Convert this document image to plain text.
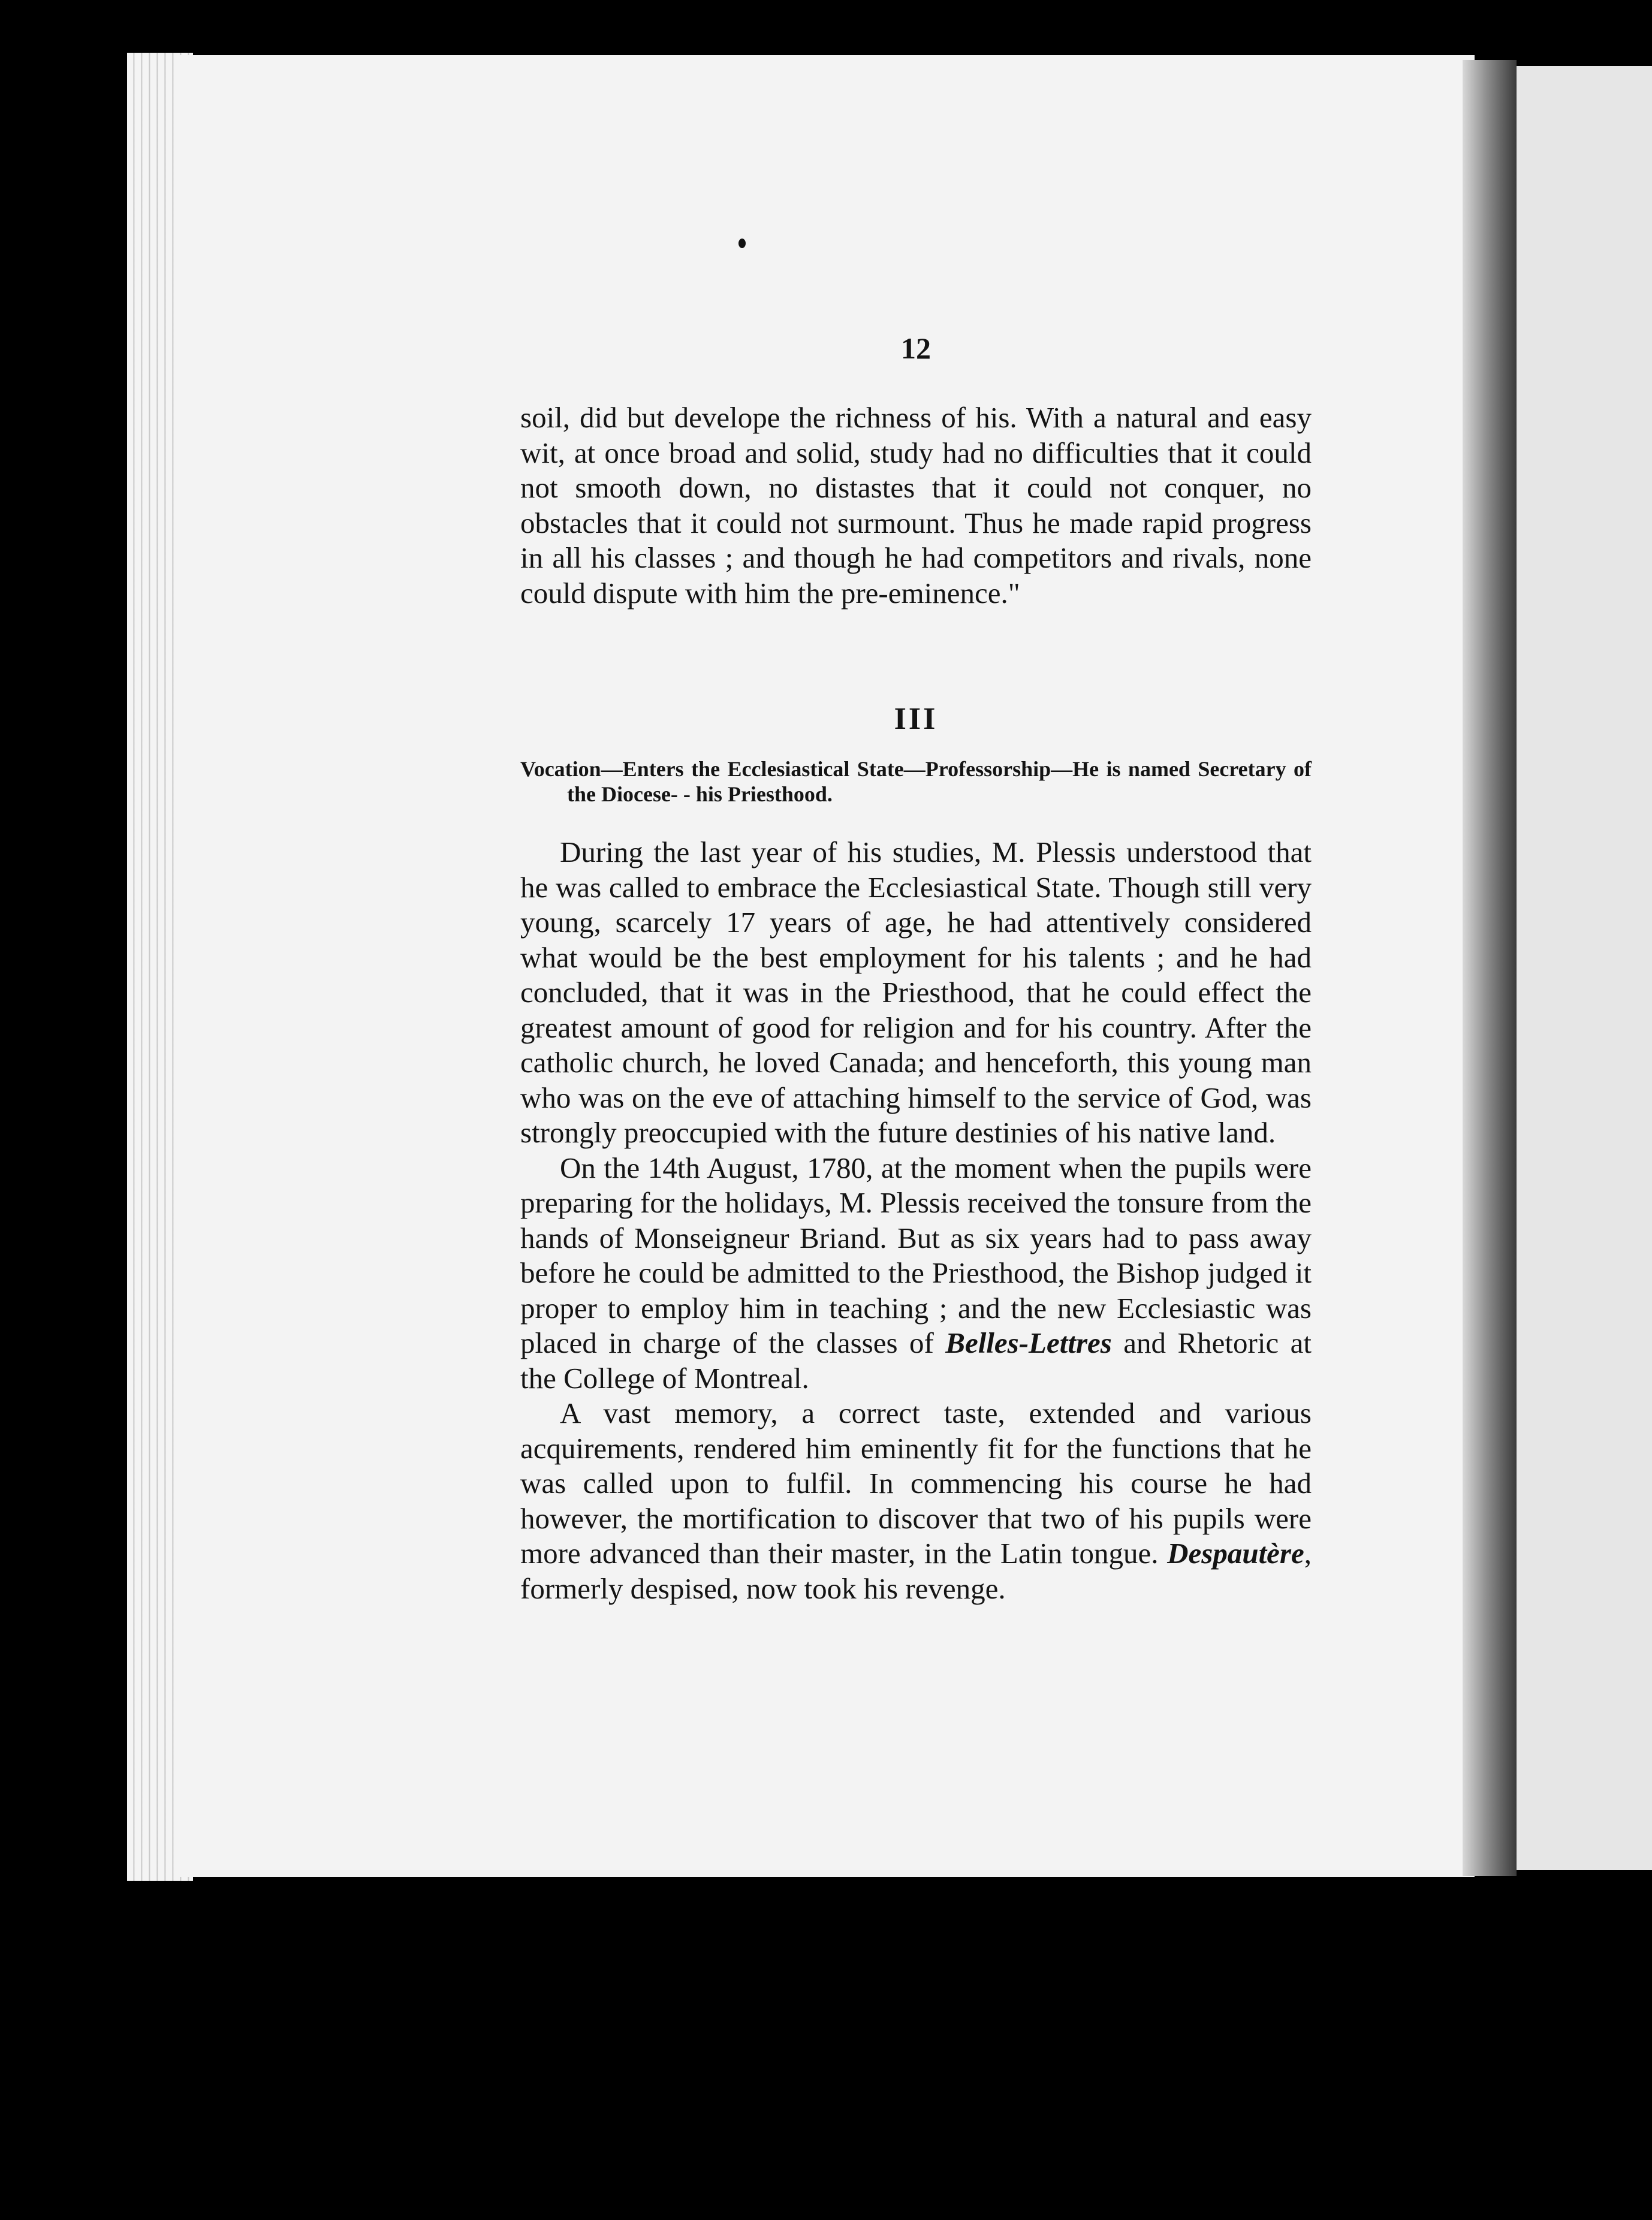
12

soil, did but develope the richness of his. With a natural and easy wit, at once broad and solid, study had no difficulties that it could not smooth down, no distastes that it could not conquer, no obstacles that it could not surmount. Thus he made rapid progress in all his classes ; and though he had competitors and rivals, none could dispute with him the pre-eminence."

III
Vocation—Enters the Ecclesiastical State—Professorship—He is named Secretary of the Diocese- - his Priesthood.

During the last year of his studies, M. Plessis understood that he was called to embrace the Ecclesiastical State. Though still very young, scarcely 17 years of age, he had attentively considered what would be the best employment for his talents ; and he had concluded, that it was in the Priesthood, that he could effect the greatest amount of good for religion and for his country. After the catholic church, he loved Canada; and henceforth, this young man who was on the eve of attaching himself to the service of God, was strongly preoccupied with the future destinies of his native land.

On the 14th August, 1780, at the moment when the pupils were preparing for the holidays, M. Plessis received the tonsure from the hands of Monseigneur Briand. But as six years had to pass away before he could be admitted to the Priesthood, the Bishop judged it proper to employ him in teaching ; and the new Ecclesiastic was placed in charge of the classes of Belles-Lettres and Rhetoric at the College of Montreal.

A vast memory, a correct taste, extended and various acquirements, rendered him eminently fit for the functions that he was called upon to fulfil. In commencing his course he had however, the mortification to discover that two of his pupils were more advanced than their master, in the Latin tongue. Despautère, formerly despised, now took his revenge.
